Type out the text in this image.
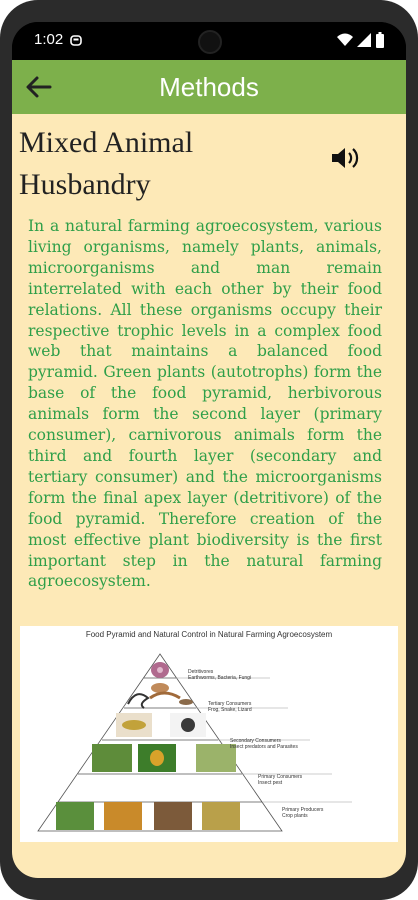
1:02
Methods
Mixed Animal
Husbandry
In a natural farming agroecosystem, various living organisms, namely plants, animals, microorganisms and man remain interrelated with each other by their food relations. All these organisms occupy their respective trophic levels in a complex food web that maintains a balanced food pyramid. Green plants (autotrophs) form the base of the food pyramid, herbivorous animals form the second layer (primary consumer), carnivorous animals form the third and fourth layer (secondary and tertiary consumer) and the microorganisms form the final apex layer (detritivore) of the food pyramid. Therefore creation of the most effective plant biodiversity is the first important step in the natural farming agroecosystem.
Food Pyramid and Natural Control in Natural Farming Agroecosystem
Detritivores
Earthworms, Bacteria, Fungi
Tertiary Consumers
Frog, Snake, Lizard
Secondary Consumers
Insect predators and Parasites
Primary Consumers
Insect pest
Primary Producers
Crop plants
